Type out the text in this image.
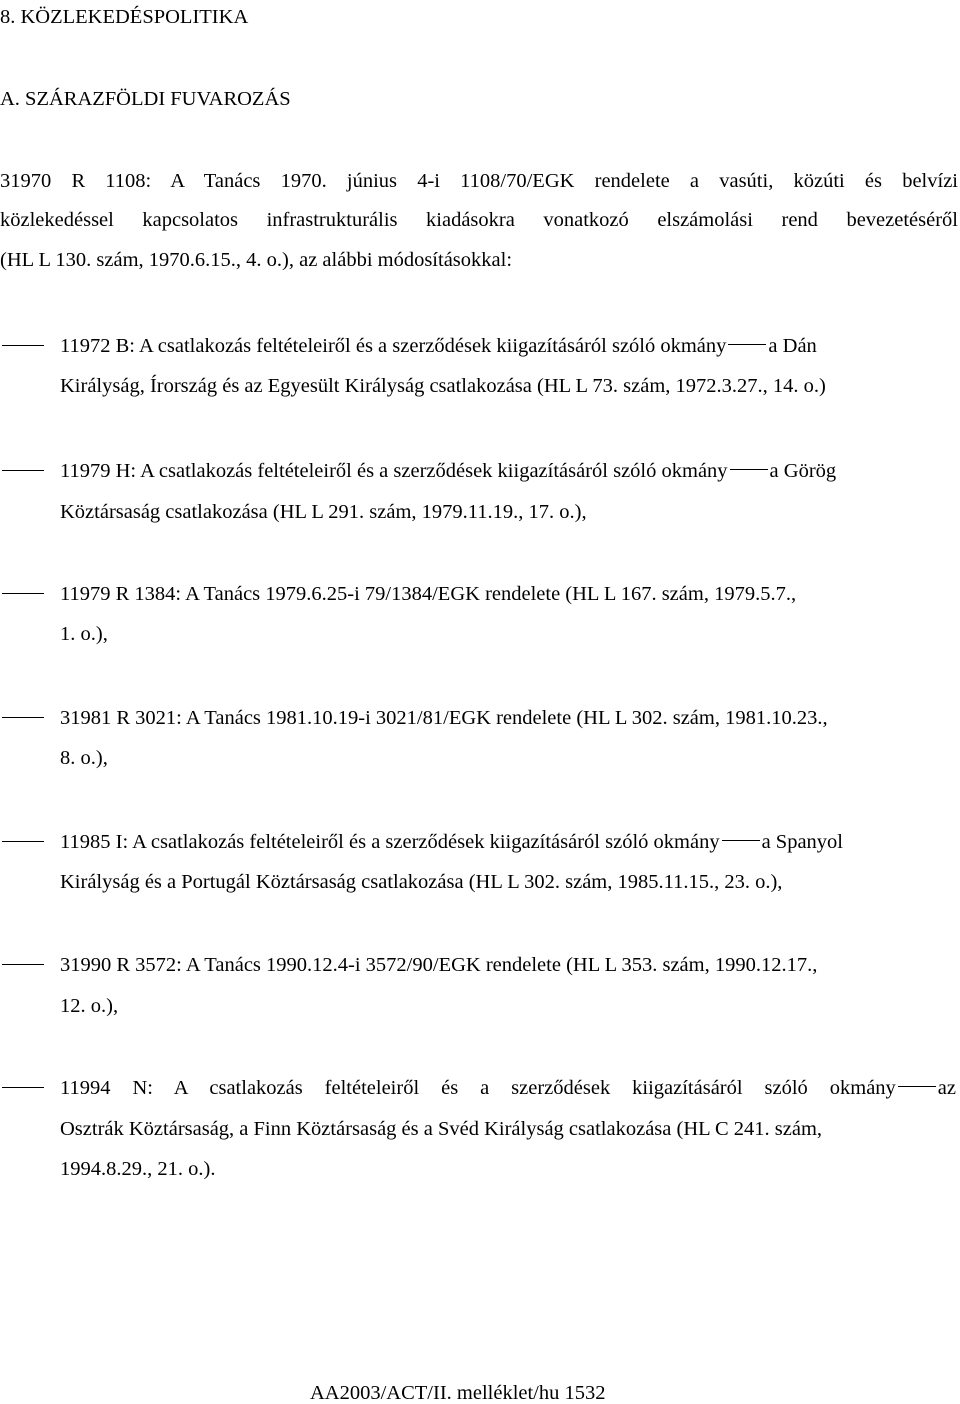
8. KÖZLEKEDÉSPOLITIKA
A. SZÁRAZFÖLDI FUVAROZÁS
31970 R 1108: A Tanács 1970. június 4-i 1108/70/EGK rendelete a vasúti, közúti és belvízi
közlekedéssel kapcsolatos infrastrukturális kiadásokra vonatkozó elszámolási rend bevezetéséről
(HL L 130. szám, 1970.6.15., 4. o.), az alábbi módosításokkal:
11972 B: A csatlakozás feltételeiről és a szerződések kiigazításáról szóló okmány a Dán
Királyság, Írország és az Egyesült Királyság csatlakozása (HL L 73. szám, 1972.3.27., 14. o.)
11979 H: A csatlakozás feltételeiről és a szerződések kiigazításáról szóló okmány a Görög
Köztársaság csatlakozása (HL L 291. szám, 1979.11.19., 17. o.),
11979 R 1384: A Tanács 1979.6.25-i 79/1384/EGK rendelete (HL L 167. szám, 1979.5.7.,
1. o.),
31981 R 3021: A Tanács 1981.10.19-i 3021/81/EGK rendelete (HL L 302. szám, 1981.10.23.,
8. o.),
11985 I: A csatlakozás feltételeiről és a szerződések kiigazításáról szóló okmány a Spanyol
Királyság és a Portugál Köztársaság csatlakozása (HL L 302. szám, 1985.11.15., 23. o.),
31990 R 3572: A Tanács 1990.12.4-i 3572/90/EGK rendelete (HL L 353. szám, 1990.12.17.,
12. o.),
11994 N: A csatlakozás feltételeiről és a szerződések kiigazításáról szóló okmány az
Osztrák Köztársaság, a Finn Köztársaság és a Svéd Királyság csatlakozása (HL C 241. szám,
1994.8.29., 21. o.).
AA2003/ACT/II. melléklet/hu 1532
